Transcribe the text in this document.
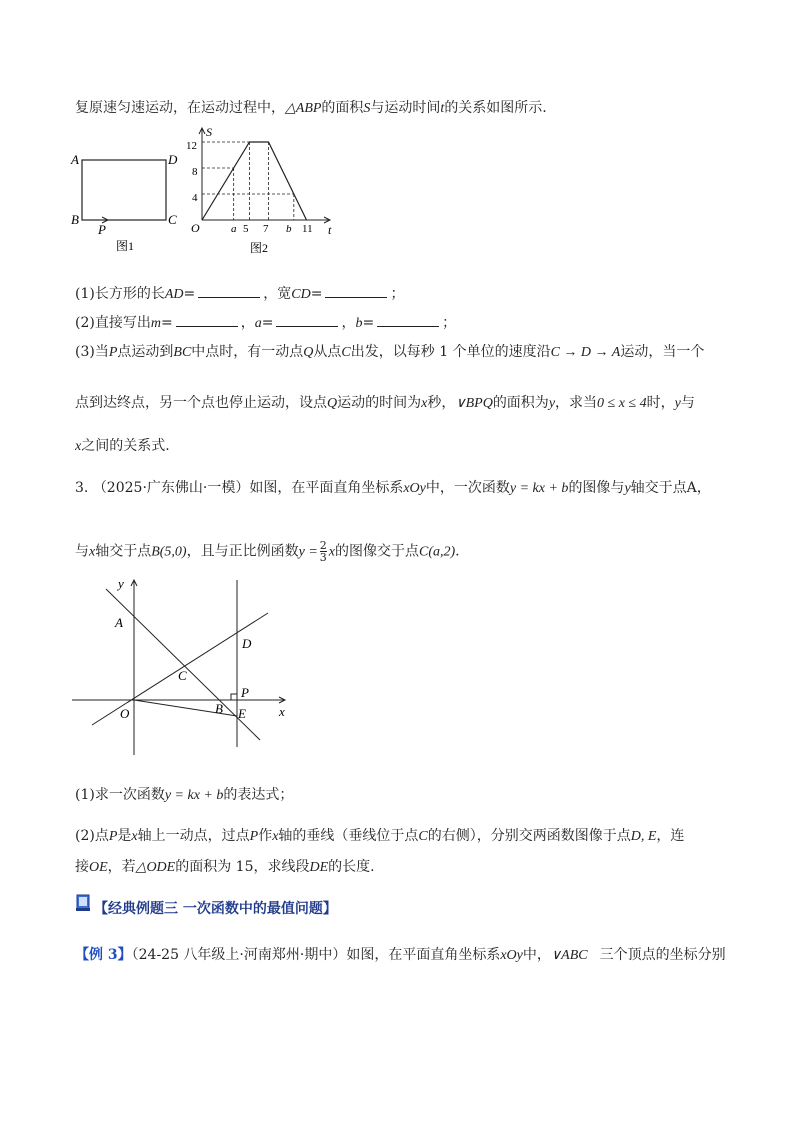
复原速匀速运动，在运动过程中，△ABP的面积S与运动时间t的关系如图所示.
A
B	C
D
P
图1
S
O	t
12
8
4
a 5 7 b 11
图2
(1)长方形的长AD=	，宽CD=	；
(2)直接写出m=	，a=	，b=	；
(3)当P点运动到BC中点时，有一动点Q从点C出发，以每秒 1 个单位的速度沿C → D → A运动，当一个
点到达终点，另一个点也停止运动，设点Q运动的时间为x秒，∨BPQ的面积为y，求当0 ≤ x ≤ 4时，y与
x之间的关系式.
3. （2025·广东佛山·一模）如图，在平面直角坐标系xOy中，一次函数y = kx + b的图像与y轴交于点A，
与x轴交于点B(5,0)，且与正比例函数$y = \frac{2}{3}$ x的图像交于点C(a,2).
y
A
D
C
P
O	B E	x
(1)求一次函数y = kx + b的表达式；
(2)点P是x轴上一动点，过点P作x轴的垂线（垂线位于点C的右侧），分别交两函数图像于点D, E，连
接OE，若△ODE的面积为 15，求线段DE的长度.
【经典例题三 一次函数中的最值问题】
【例 3】（24-25 八年级上·河南郑州·期中）如图，在平面直角坐标系xOy中，∨ABC 三个顶点的坐标分别
